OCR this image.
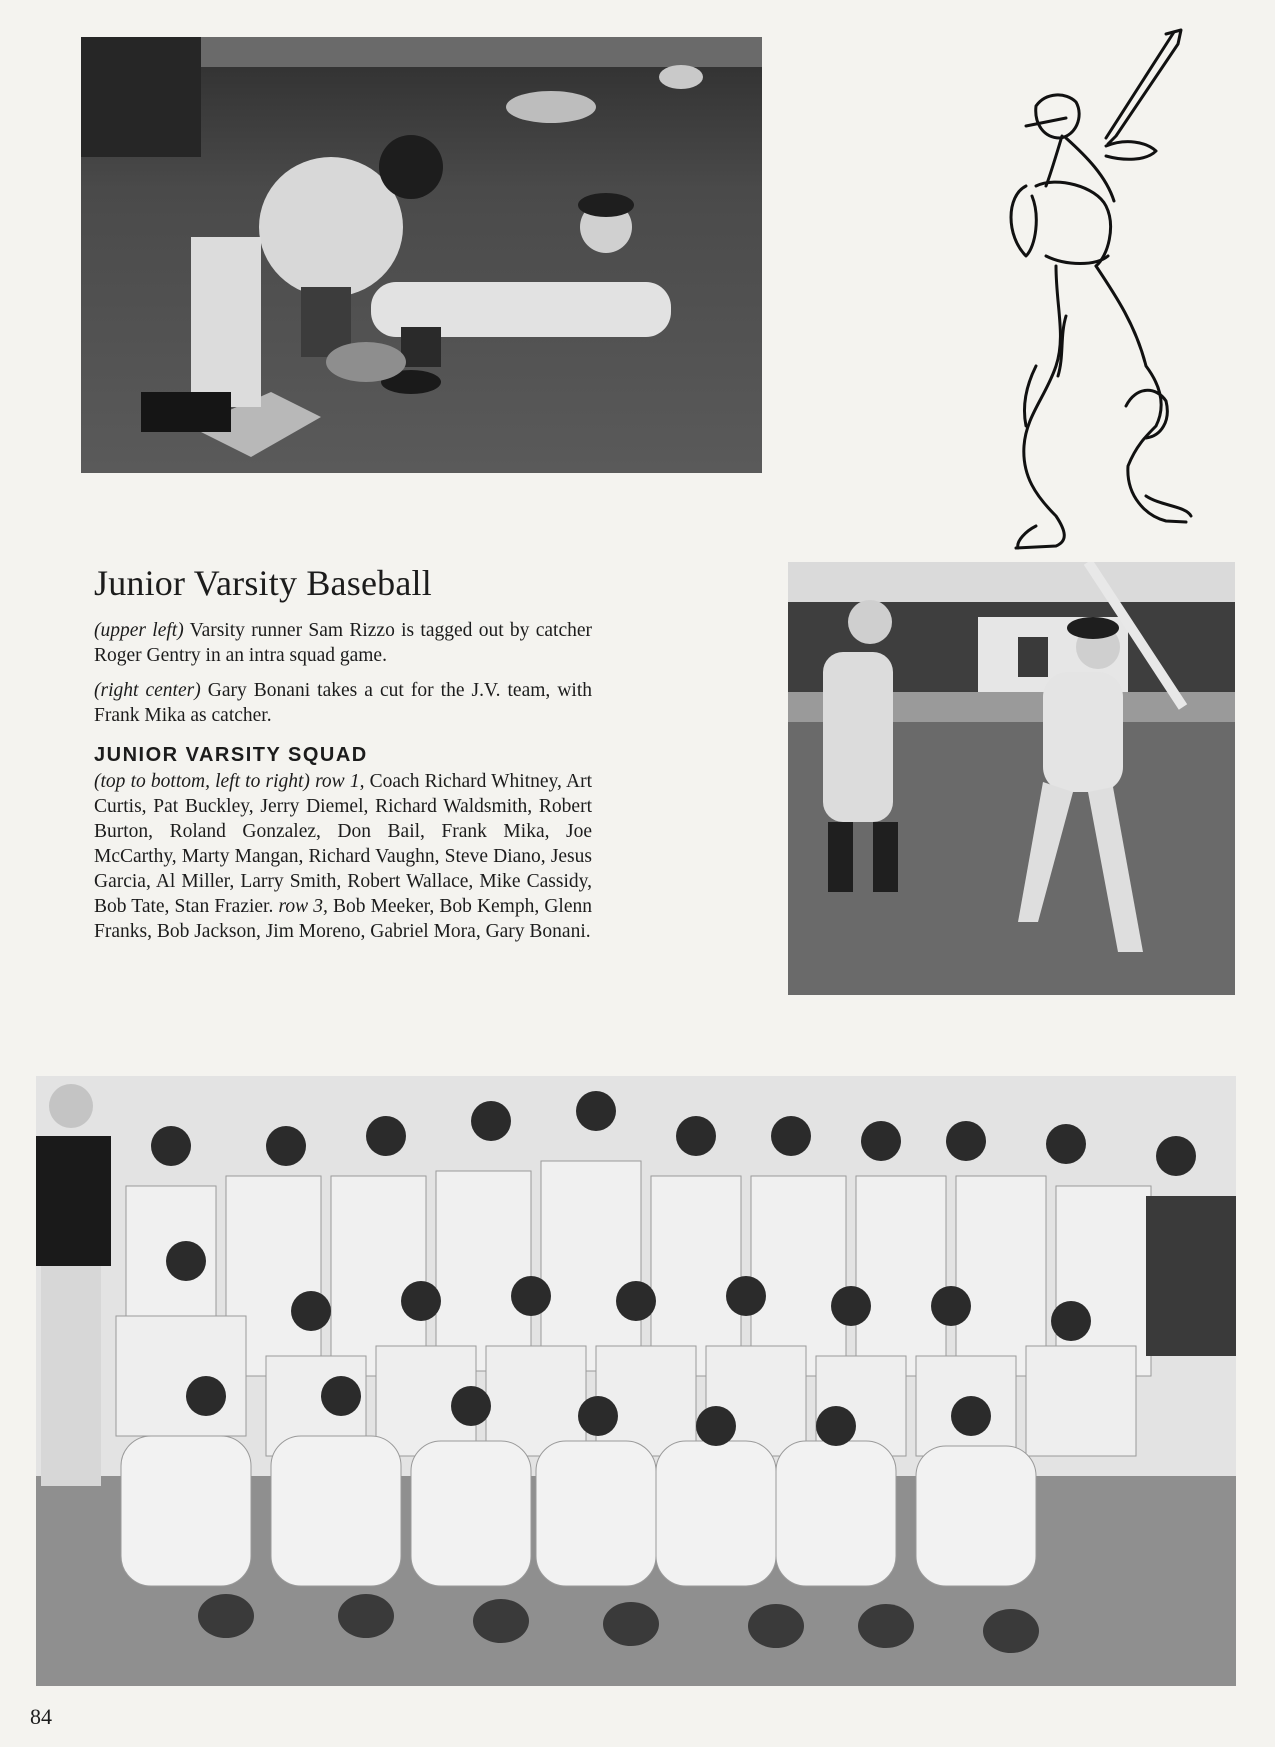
Junior Varsity Baseball

(upper left) Varsity runner Sam Rizzo is tagged out by catcher Roger Gentry in an intra squad game.

(right center) Gary Bonani takes a cut for the J.V. team, with Frank Mika as catcher.

JUNIOR VARSITY SQUAD

(top to bottom, left to right) row 1, Coach Richard Whitney, Art Curtis, Pat Buckley, Jerry Diemel, Richard Waldsmith, Robert Burton, Roland Gonzalez, Don Bail, Frank Mika, Joe McCarthy, Marty Mangan, Richard Vaughn, Steve Diano, Jesus Garcia, Al Miller, Larry Smith, Robert Wallace, Mike Cassidy, Bob Tate, Stan Frazier. row 3, Bob Meeker, Bob Kemph, Glenn Franks, Bob Jackson, Jim Moreno, Gabriel Mora, Gary Bonani.

84
